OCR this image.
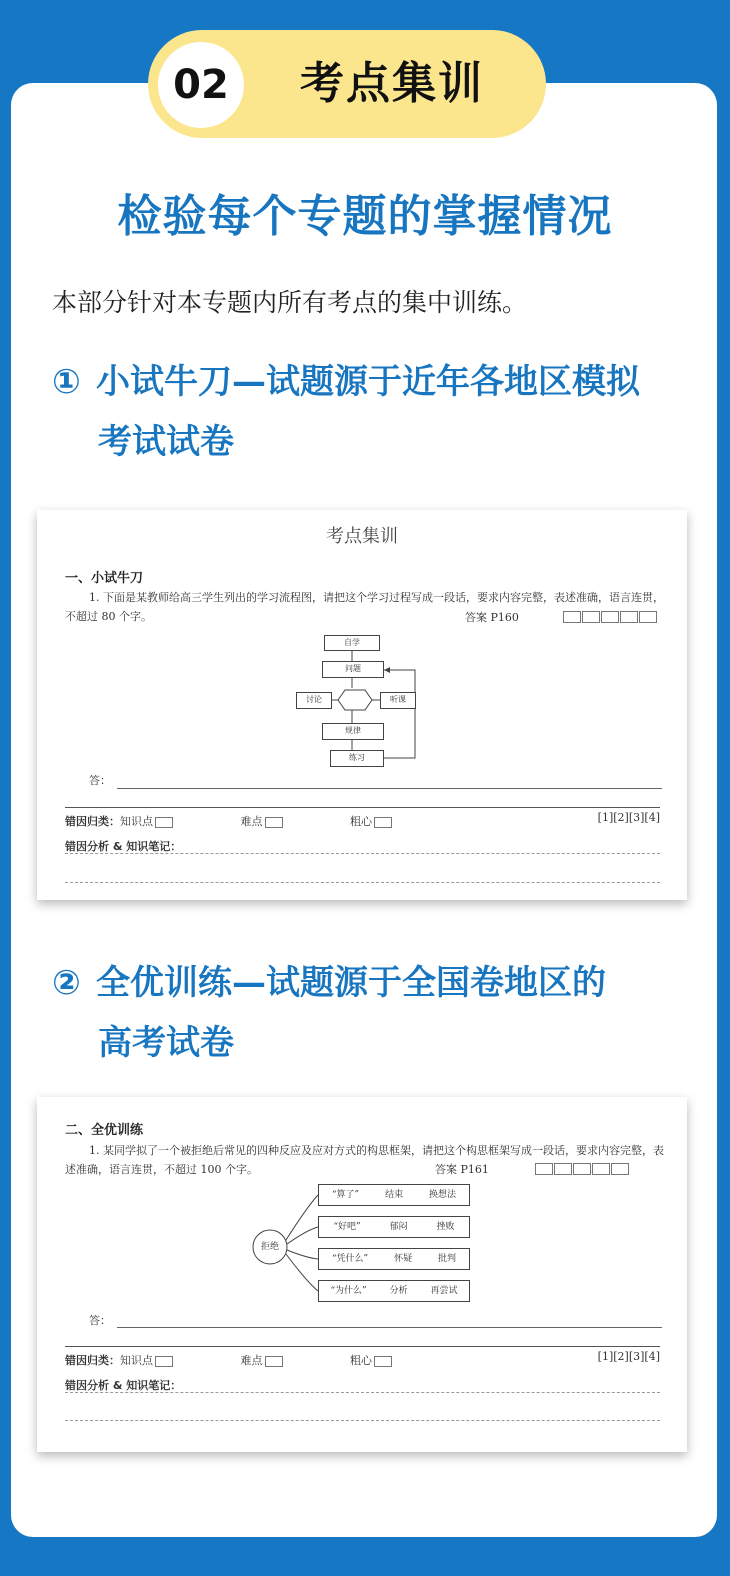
02	考点集训
检验每个专题的掌握情况
本部分针对本专题内所有考点的集中训练。
① 小试牛刀—试题源于近年各地区模拟
考试试卷
考点集训
一、小试牛刀
1. 下面是某教师给高三学生列出的学习流程图，请把这个学习过程写成一段话，要求内容完整，表述准确，语言连贯，不超过 80 个字。	答案 P160
自学
问题
讨论	听课
规律
练习
答：
错因归类：知识点	难点	粗心	[1][2][3][4]
错因分析 & 知识笔记：
② 全优训练—试题源于全国卷地区的
高考试卷
二、全优训练
1. 某同学拟了一个被拒绝后常见的四种反应及应对方式的构思框架，请把这个构思框架写成一段话，要求内容完整，表述准确，语言连贯，不超过 100 个字。	答案 P161
拒绝
“算了”	结束	换想法
“好吧”	郁闷	挫败
“凭什么”	怀疑	批判
“为什么”	分析	再尝试
答：
错因归类：知识点	难点	粗心	[1][2][3][4]
错因分析 & 知识笔记：
